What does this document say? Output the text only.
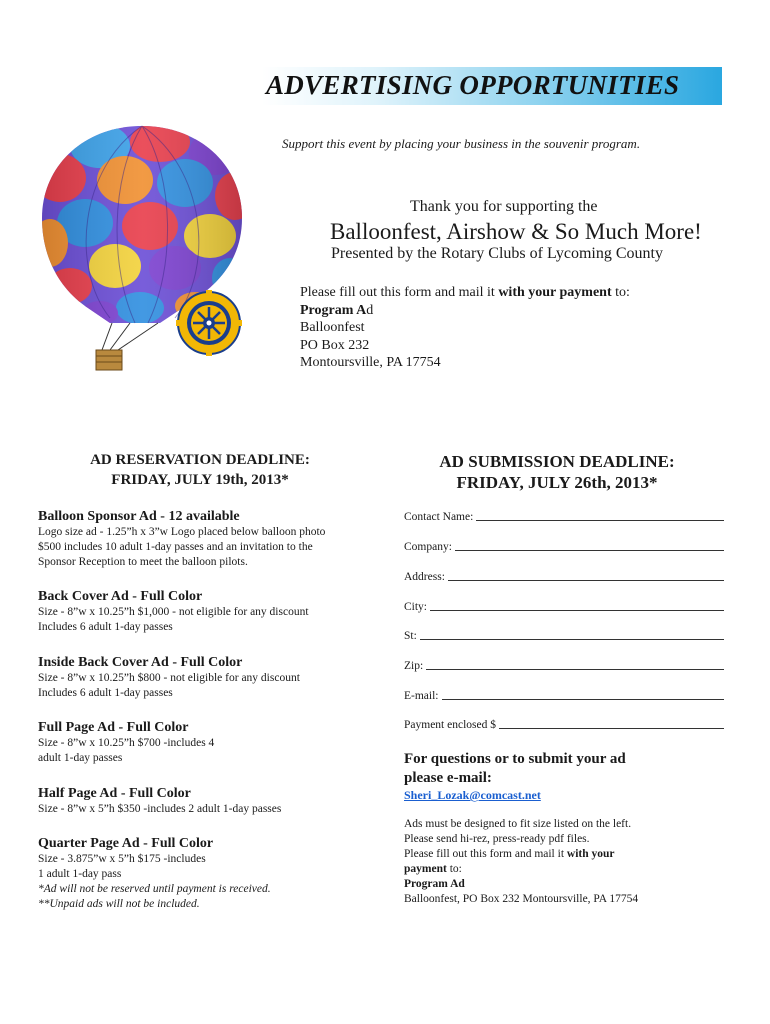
ADVERTISING OPPORTUNITIES
Support this event by placing your business in the souvenir program.
Thank you for supporting the
Balloonfest, Airshow & So Much More!
Presented by the Rotary Clubs of Lycoming County
Please fill out this form and mail it with your payment to:
Program Ad
Balloonfest
PO Box 232
Montoursville, PA 17754
AD RESERVATION DEADLINE:
FRIDAY, JULY 19th, 2013*
AD SUBMISSION DEADLINE:
FRIDAY, JULY 26th, 2013*
Balloon Sponsor Ad - 12 available
Logo size ad - 1.25”h x 3”w Logo placed below balloon photo
$500 includes 10 adult 1-day passes and an invitation to the
Sponsor Reception to meet the balloon pilots.
Back Cover Ad - Full Color
Size - 8”w x 10.25”h $1,000 - not eligible for any discount
Includes 6 adult 1-day passes
Inside Back Cover Ad - Full Color
Size - 8”w x 10.25”h $800 - not eligible for any discount
Includes 6 adult 1-day passes
Full Page Ad - Full Color
Size - 8”w x 10.25”h $700 -includes 4
adult 1-day passes
Half Page Ad - Full Color
Size - 8”w x 5”h $350 -includes 2 adult 1-day passes
Quarter Page Ad - Full Color
Size - 3.875”w x 5”h $175 -includes
1 adult 1-day pass
*Ad will not be reserved until payment is received.
**Unpaid ads will not be included.
Contact Name:
Company:
Address:
City:
St:
Zip:
E-mail:
Payment enclosed $
For questions or to submit your ad
please e-mail:
Sheri_Lozak@comcast.net
Ads must be designed to fit size listed on the left.
Please send hi-rez, press-ready pdf files.
Please fill out this form and mail it with your
payment to:
Program Ad
Balloonfest, PO Box 232 Montoursville, PA 17754
